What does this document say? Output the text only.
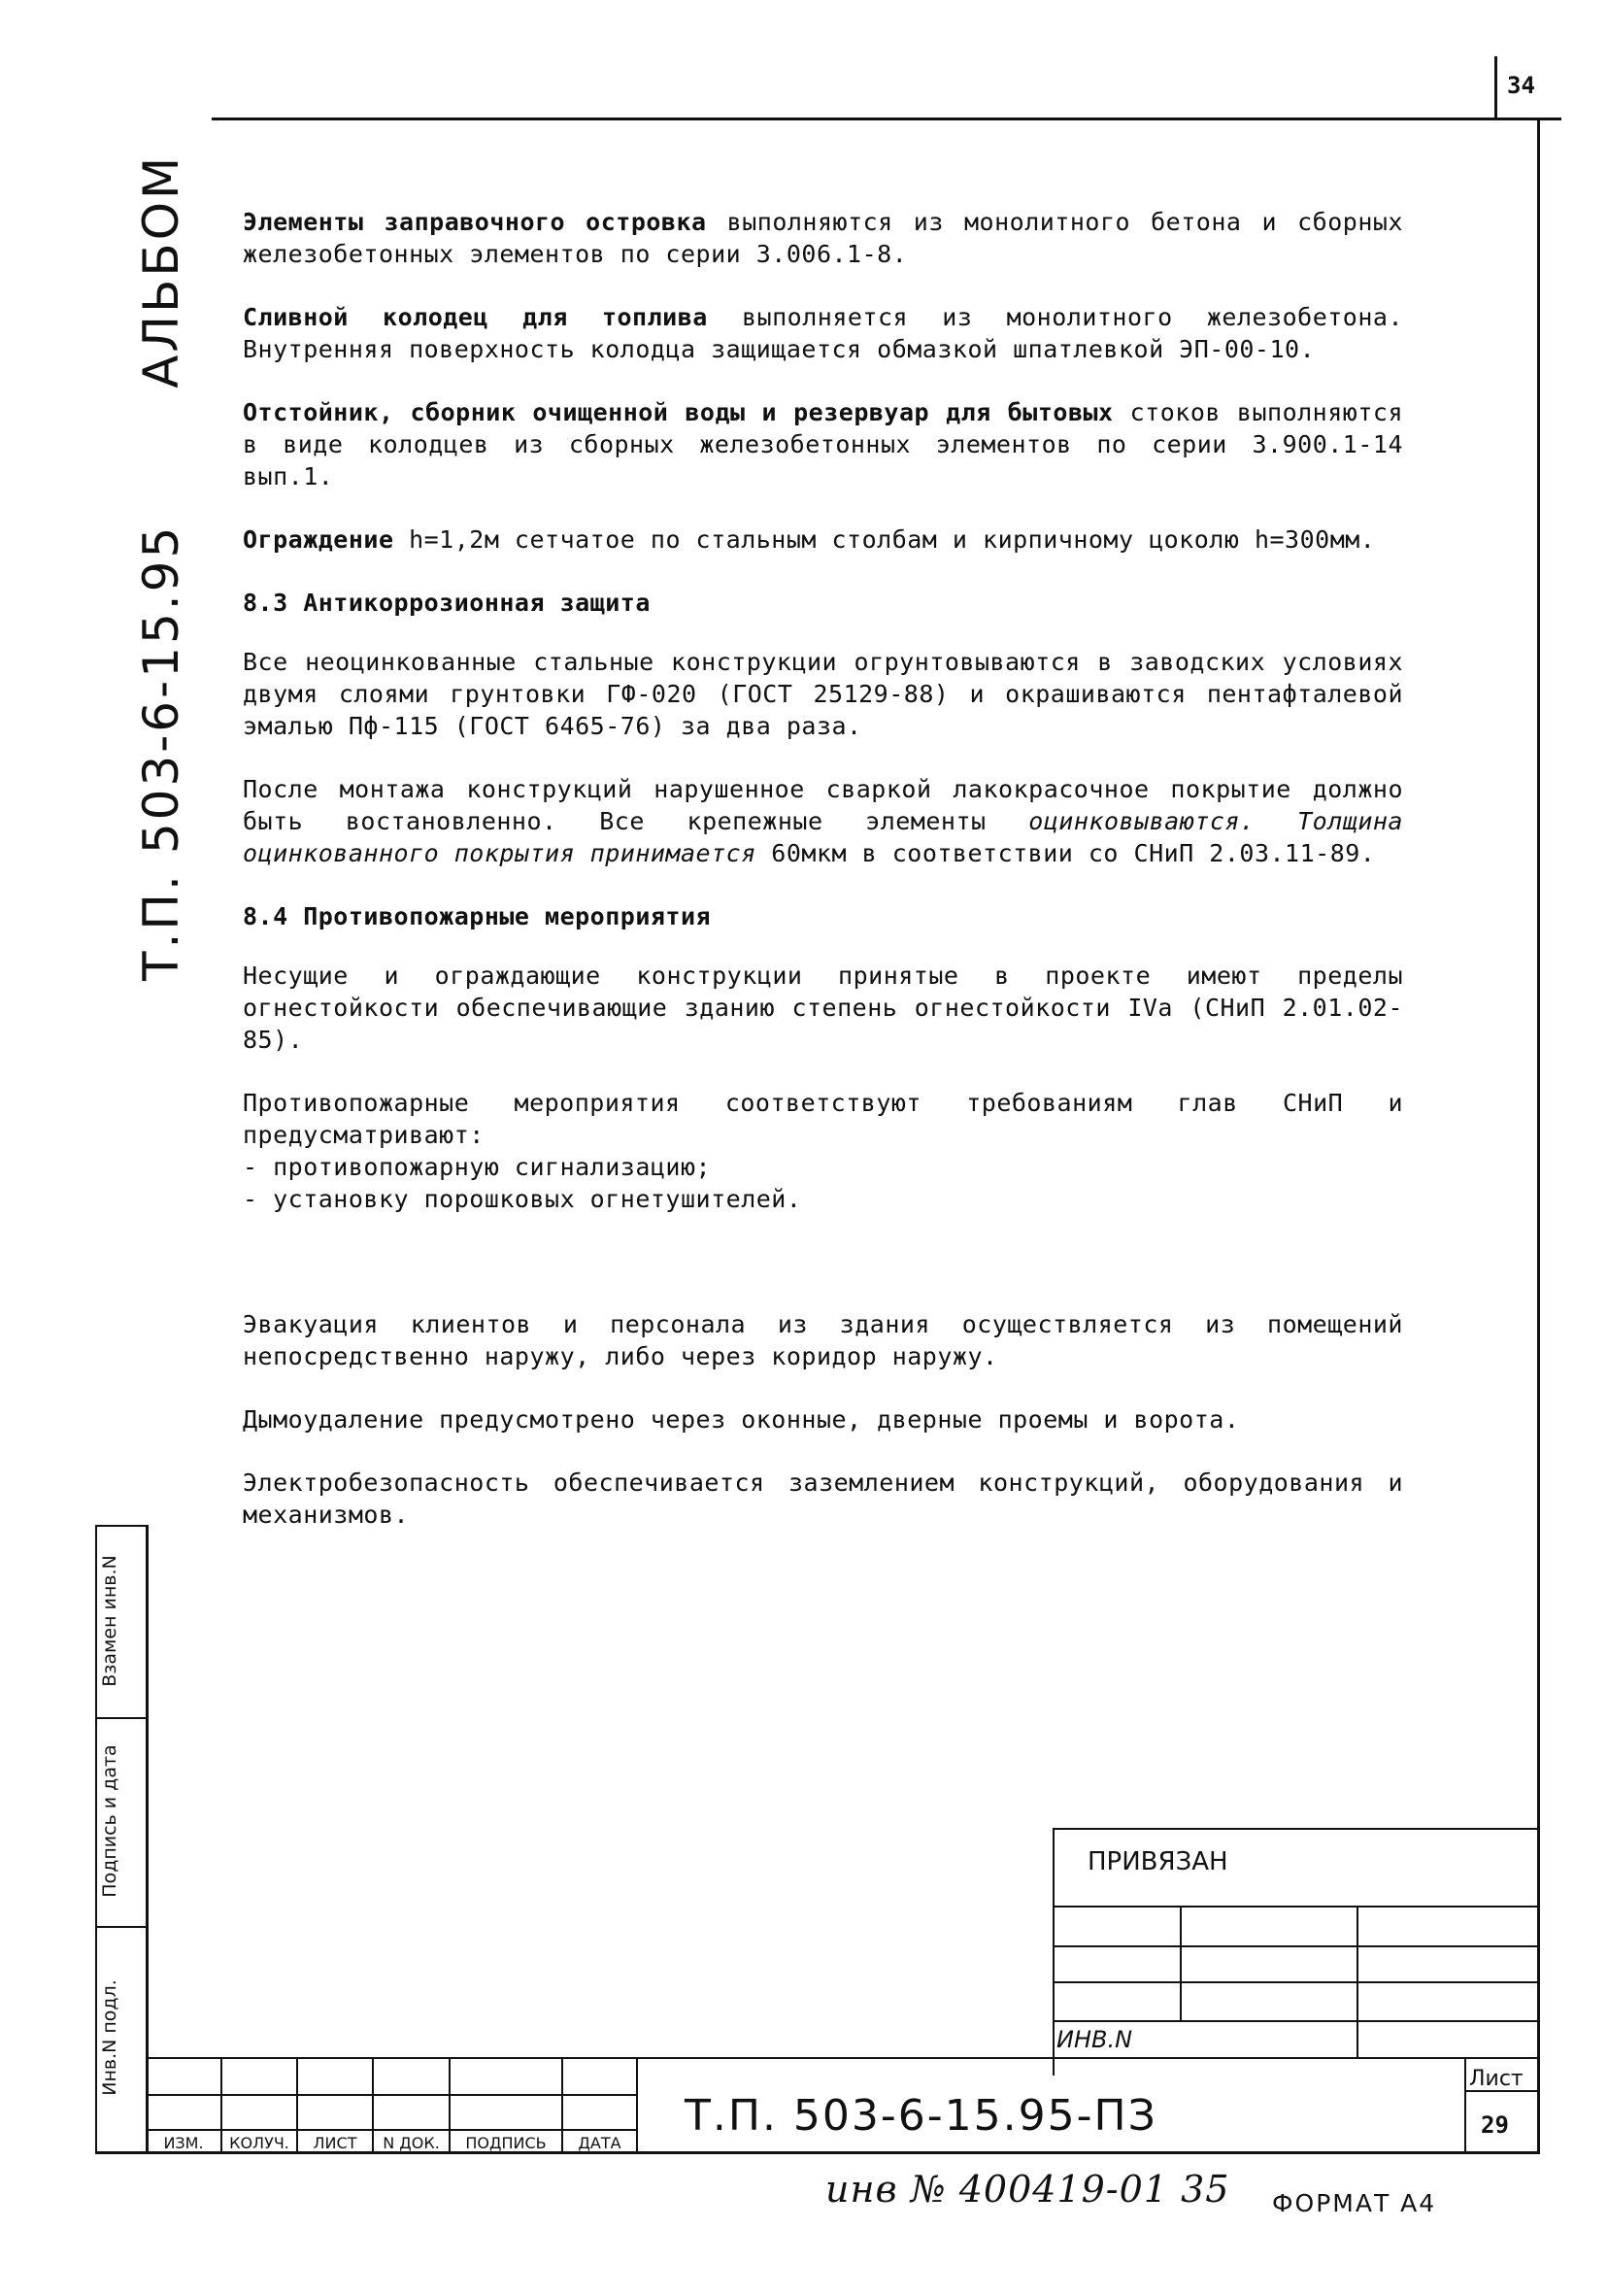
34
Т.П. 503-6-15.95АЛЬБОМ
Взамен инв.N
Подпись и дата
Инв.N подл.

Элементы заправочного островка выполняются из монолитного бетона и сборных железобетонных элементов по серии 3.006.1-8.

Сливной колодец для топлива выполняется из монолитного железобетона. Внутренняя поверхность колодца защищается обмазкой шпатлевкой ЭП-00-10.

Отстойник, сборник очищенной воды и резервуар для бытовых стоков выполняются в виде колодцев из сборных железобетонных элементов по серии 3.900.1-14 вып.1.

Ограждение h=1,2м сетчатое по стальным столбам и кирпичному цоколю h=300мм.

8.3 Антикоррозионная защита

Все неоцинкованные стальные конструкции огрунтовываются в заводских условиях двумя слоями грунтовки ГФ-020 (ГОСТ 25129-88) и окрашиваются пентафталевой эмалью Пф-115 (ГОСТ 6465-76) за два раза.

После монтажа конструкций нарушенное сваркой лакокрасочное покрытие должно быть востановленно. Все крепежные элементы оцинковываются. Толщина оцинкованного покрытия принимается 60мкм в соответствии со СНиП 2.03.11-89.

8.4 Противопожарные мероприятия

Несущие и ограждающие конструкции принятые в проекте имеют пределы огнестойкости обеспечивающие зданию степень огнестойкости IVa (СНиП 2.01.02-85).

Противопожарные мероприятия соответствуют требованиям глав СНиП и предусматривают:

- противопожарную сигнализацию;
- установку порошковых огнетушителей.

Эвакуация клиентов и персонала из здания осуществляется из помещений непосредственно наружу, либо через коридор наружу.

Дымоудаление предусмотрено через оконные, дверные проемы и ворота.

Электробезопасность обеспечивается заземлением конструкций, оборудования и механизмов.

ПРИВЯЗАН
ИНВ.N
ИЗМ.	КОЛУЧ.	ЛИСТ	N ДОК.	ПОДПИСЬ	ДАТА
Т.П. 503-6-15.95-ПЗ
Лист
29
инв № 400419-01 35 ФОРМАТ А4
